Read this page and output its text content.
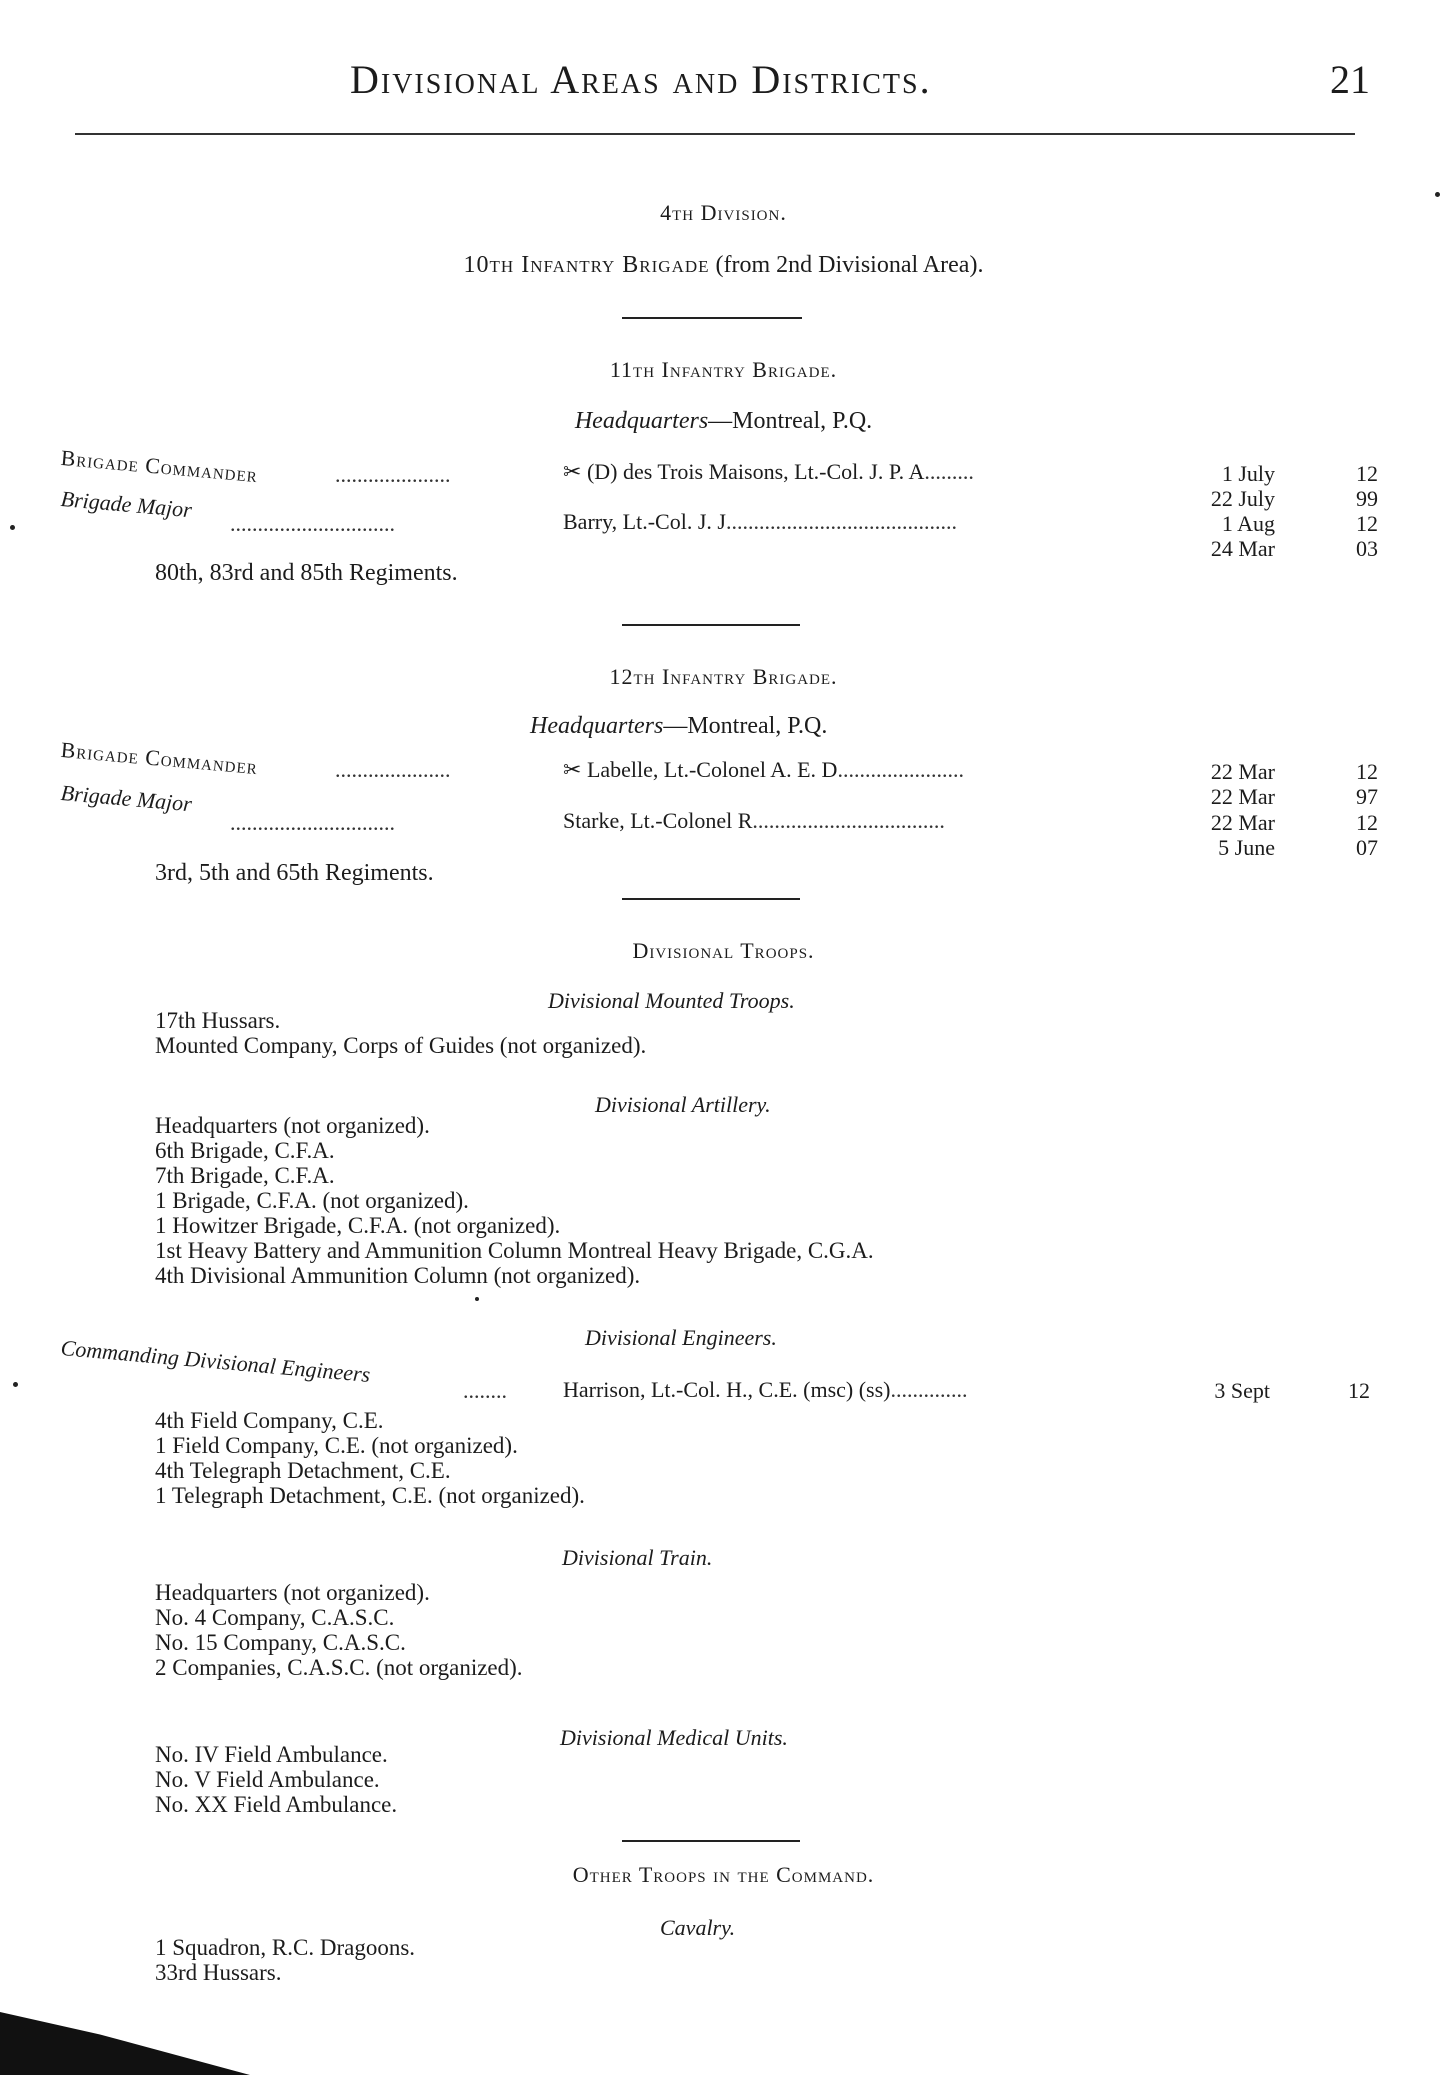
Divisional Areas and Districts.	21
4th Division.
10th Infantry Brigade (from 2nd Divisional Area).
11th Infantry Brigade.
Headquarters—Montreal, P.Q.
Brigade Commander	.....................	✂ (D) des Trois Maisons, Lt.-Col. J. P. A.........	1 July	12
22 July	99
Brigade Major
..............................	Barry, Lt.-Col. J. J..........................................	1 Aug	12
24 Mar	03
80th, 83rd and 85th Regiments.
12th Infantry Brigade.
Headquarters—Montreal, P.Q.
Brigade Commander	.....................	✂ Labelle, Lt.-Colonel A. E. D.......................	22 Mar	12
22 Mar	97
Brigade Major
..............................	Starke, Lt.-Colonel R...................................	22 Mar	12
5 June	07
3rd, 5th and 65th Regiments.
Divisional Troops.
Divisional Mounted Troops.
17th Hussars.
Mounted Company, Corps of Guides (not organized).
Divisional Artillery.
Headquarters (not organized).
6th Brigade, C.F.A.
7th Brigade, C.F.A.
1 Brigade, C.F.A. (not organized).
1 Howitzer Brigade, C.F.A. (not organized).
1st Heavy Battery and Ammunition Column Montreal Heavy Brigade, C.G.A.
4th Divisional Ammunition Column (not organized).
Divisional Engineers.
Commanding Divisional Engineers
........	Harrison, Lt.-Col. H., C.E. (msc) (ss)..............	3 Sept	12
4th Field Company, C.E.
1 Field Company, C.E. (not organized).
4th Telegraph Detachment, C.E.
1 Telegraph Detachment, C.E. (not organized).
Divisional Train.
Headquarters (not organized).
No. 4 Company, C.A.S.C.
No. 15 Company, C.A.S.C.
2 Companies, C.A.S.C. (not organized).
Divisional Medical Units.
No. IV Field Ambulance.
No. V Field Ambulance.
No. XX Field Ambulance.
Other Troops in the Command.
Cavalry.
1 Squadron, R.C. Dragoons.
33rd Hussars.
